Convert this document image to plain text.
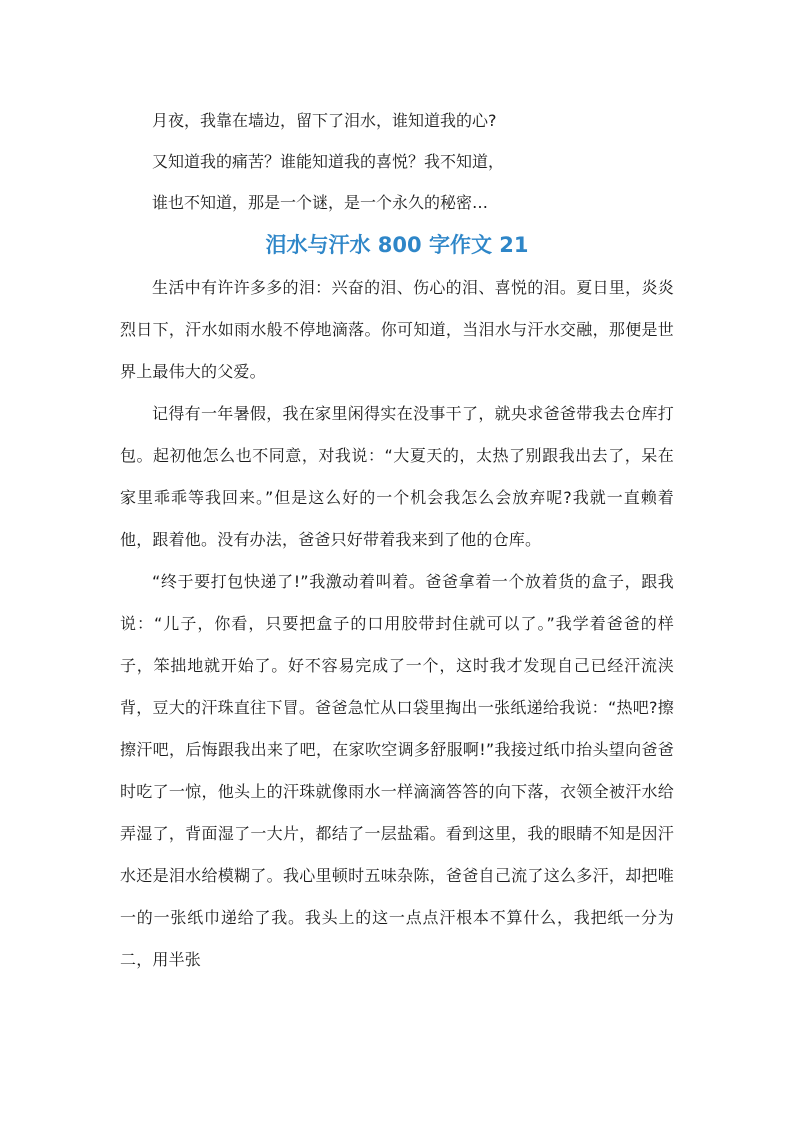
月夜，我靠在墙边，留下了泪水，谁知道我的心?

又知道我的痛苦？谁能知道我的喜悦？我不知道，

谁也不知道，那是一个谜，是一个永久的秘密…

泪水与汗水 800 字作文 21

生活中有许许多多的泪：兴奋的泪、伤心的泪、喜悦的泪。夏日里，炎炎烈日下，汗水如雨水般不停地滴落。你可知道，当泪水与汗水交融，那便是世界上最伟大的父爱。

记得有一年暑假，我在家里闲得实在没事干了，就央求爸爸带我去仓库打包。起初他怎么也不同意，对我说：“大夏天的，太热了别跟我出去了，呆在家里乖乖等我回来。”但是这么好的一个机会我怎么会放弃呢?我就一直赖着他，跟着他。没有办法，爸爸只好带着我来到了他的仓库。

“终于要打包快递了!”我激动着叫着。爸爸拿着一个放着货的盒子，跟我说：“儿子，你看，只要把盒子的口用胶带封住就可以了。”我学着爸爸的样子，笨拙地就开始了。好不容易完成了一个，这时我才发现自己已经汗流浃背，豆大的汗珠直往下冒。爸爸急忙从口袋里掏出一张纸递给我说：“热吧?擦擦汗吧，后悔跟我出来了吧，在家吹空调多舒服啊!”我接过纸巾抬头望向爸爸时吃了一惊，他头上的汗珠就像雨水一样滴滴答答的向下落，衣领全被汗水给弄湿了，背面湿了一大片，都结了一层盐霜。看到这里，我的眼睛不知是因汗水还是泪水给模糊了。我心里顿时五味杂陈，爸爸自己流了这么多汗，却把唯一的一张纸巾递给了我。我头上的这一点点汗根本不算什么，我把纸一分为二，用半张
